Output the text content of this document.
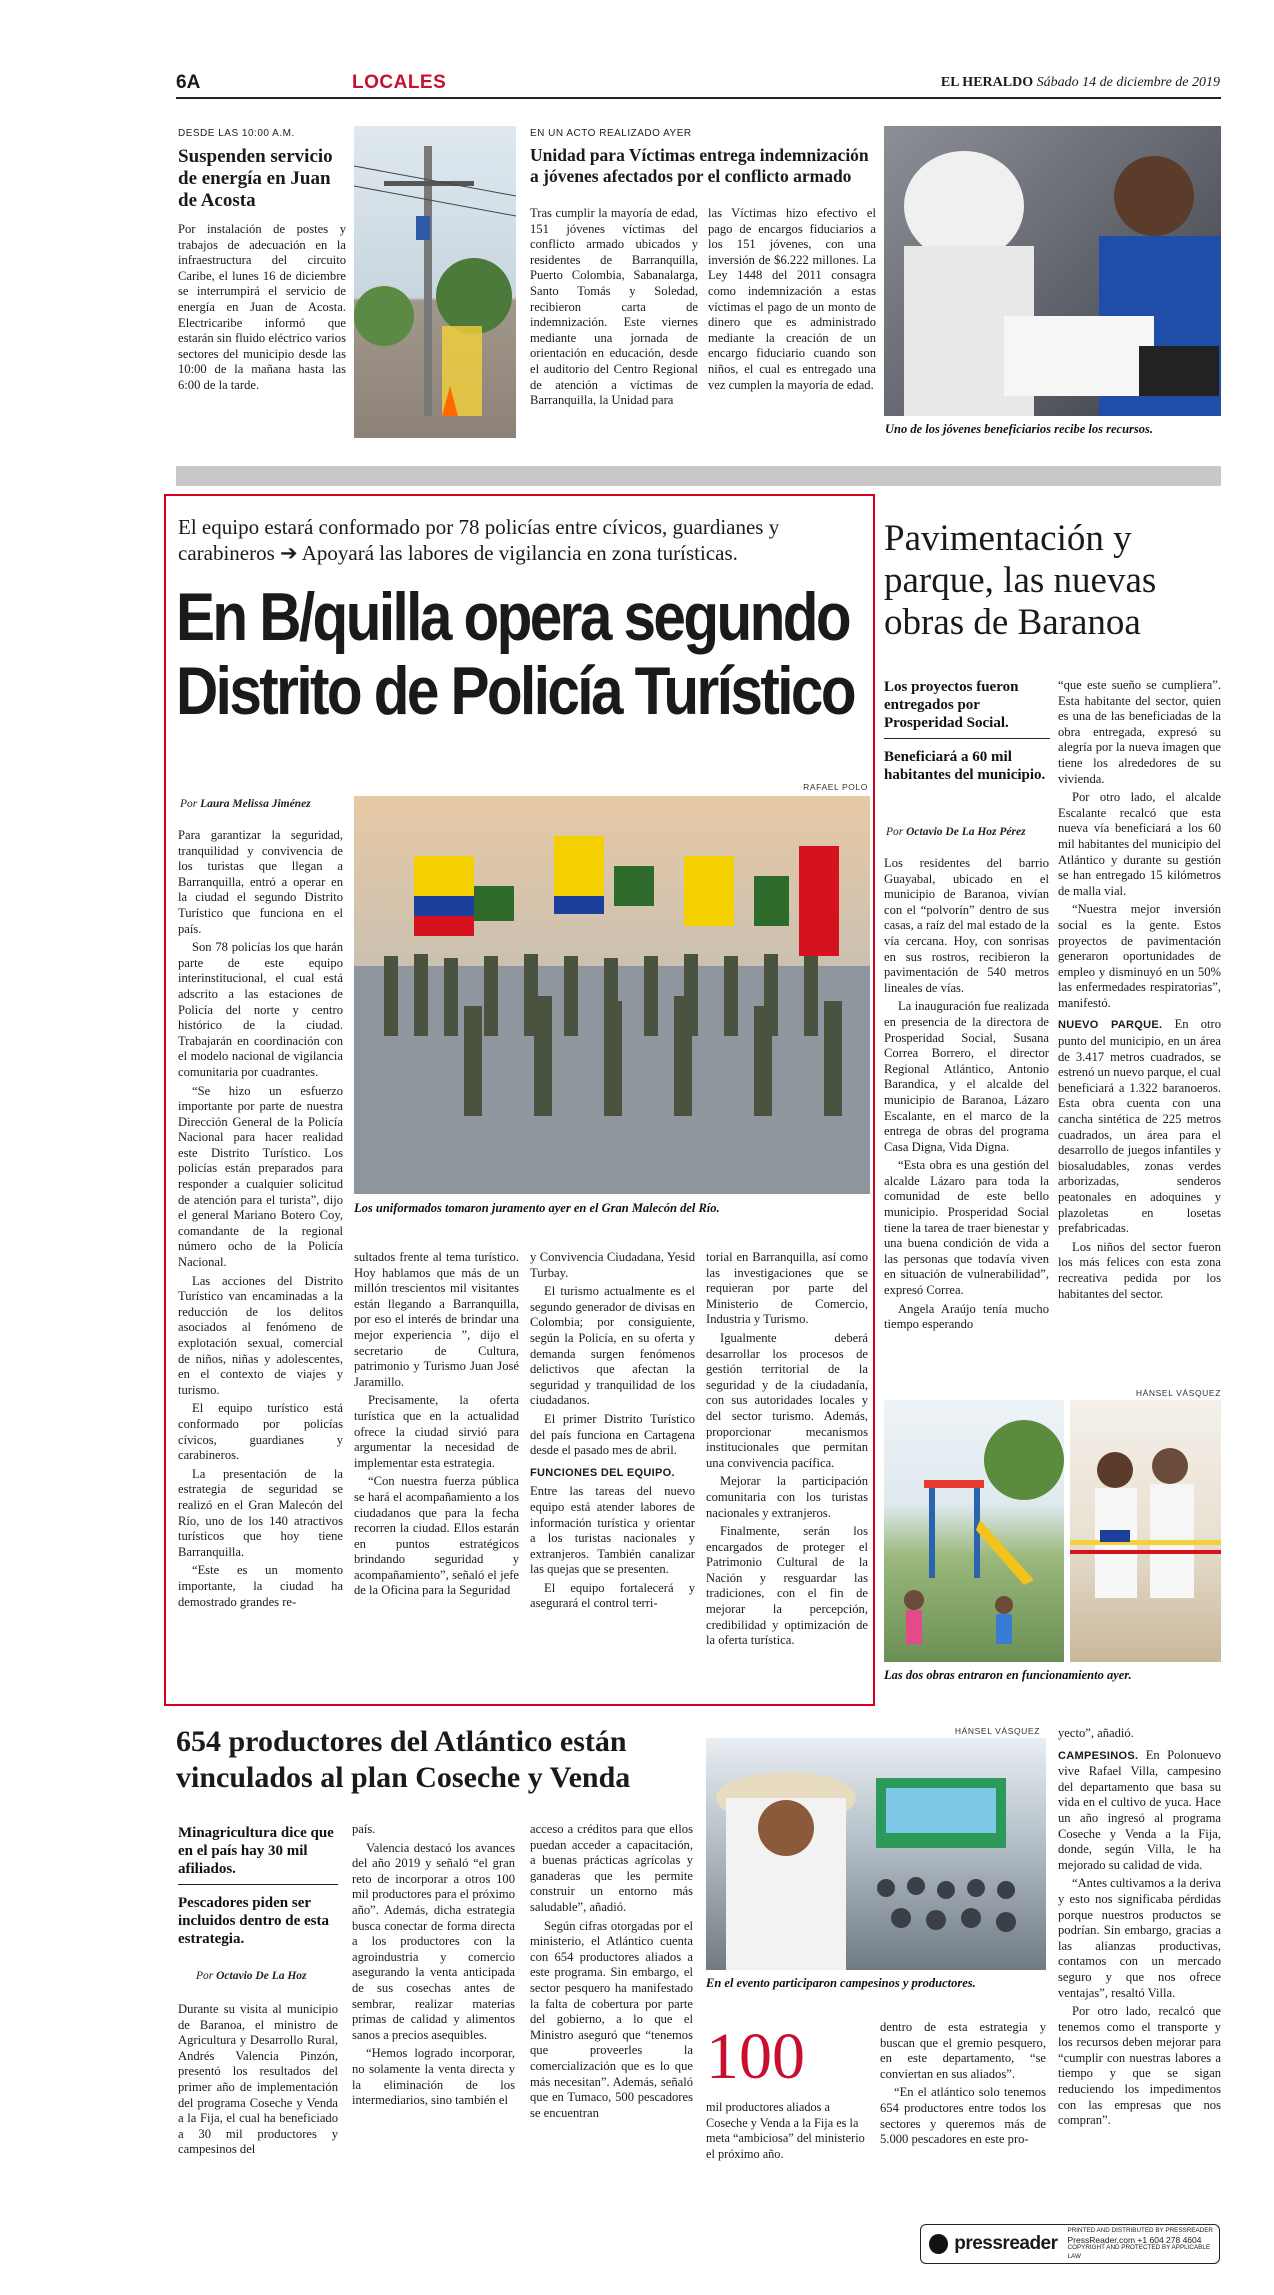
6A	LOCALES	EL HERALDO Sábado 14 de diciembre de 2019
DESDE LAS 10:00 A.M.
Suspenden servicio de energía en Juan de Acosta
Por instalación de postes y trabajos de adecuación en la infraestructura del circuito Caribe, el lunes 16 de diciembre se interrumpirá el servicio de energía en Juan de Acosta. Electricaribe informó que estarán sin fluido eléctrico varios sectores del municipio desde las 10:00 de la mañana hasta las 6:00 de la tarde.
EN UN ACTO REALIZADO AYER
Unidad para Víctimas entrega indemnización a jóvenes afectados por el conflicto armado
Tras cumplir la mayoría de edad, 151 jóvenes víctimas del conflicto armado ubicados y residentes de Barranquilla, Puerto Colombia, Sabanalarga, Santo Tomás y Soledad, recibieron carta de indemnización. Este viernes mediante una jornada de orientación en educación, desde el auditorio del Centro Regional de atención a víctimas de Barranquilla, la Unidad para
las Víctimas hizo efectivo el pago de encargos fiduciarios a los 151 jóvenes, con una inversión de $6.222 millones. La Ley 1448 del 2011 consagra como indemnización a estas víctimas el pago de un monto de dinero que es administrado mediante la creación de un encargo fiduciario cuando son niños, el cual es entregado una vez cumplen la mayoría de edad.
Uno de los jóvenes beneficiarios recibe los recursos.
El equipo estará conformado por 78 policías entre cívicos, guardianes y carabineros ➔ Apoyará las labores de vigilancia en zona turísticas.
En B/quilla opera segundo
Distrito de Policía Turístico
RAFAEL POLO
Por Laura Melissa Jiménez
Los uniformados tomaron juramento ayer en el Gran Malecón del Río.

Para garantizar la seguridad, tranquilidad y convivencia de los turistas que llegan a Barranquilla, entró a operar en la ciudad el segundo Distrito Turístico que funciona en el país.

Son 78 policías los que harán parte de este equipo interinstitucional, el cual está adscrito a las estaciones de Policía del norte y centro histórico de la ciudad. Trabajarán en coordinación con el modelo nacional de vigilancia comunitaria por cuadrantes.

“Se hizo un esfuerzo importante por parte de nuestra Dirección General de la Policía Nacional para hacer realidad este Distrito Turístico. Los policías están preparados para responder a cualquier solicitud de atención para el turista”, dijo el general Mariano Botero Coy, comandante de la regional número ocho de la Policía Nacional.

Las acciones del Distrito Turístico van encaminadas a la reducción de los delitos asociados al fenómeno de explotación sexual, comercial de niños, niñas y adolescentes, en el contexto de viajes y turismo.

El equipo turístico está conformado por policías cívicos, guardianes y carabineros.

La presentación de la estrategia de seguridad se realizó en el Gran Malecón del Río, uno de los 140 atractivos turísticos que hoy tiene Barranquilla.

“Este es un momento importante, la ciudad ha demostrado grandes re-

sultados frente al tema turístico. Hoy hablamos que más de un millón trescientos mil visitantes están llegando a Barranquilla, por eso el interés de brindar una mejor experiencia ”, dijo el secretario de Cultura, patrimonio y Turismo Juan José Jaramillo.

Precisamente, la oferta turística que en la actualidad ofrece la ciudad sirvió para argumentar la necesidad de implementar esta estrategia.

“Con nuestra fuerza pública se hará el acompañamiento a los ciudadanos que para la fecha recorren la ciudad. Ellos estarán en puntos estratégicos brindando seguridad y acompañamiento”, señaló el jefe de la Oficina para la Seguridad

y Convivencia Ciudadana, Yesid Turbay.

El turismo actualmente es el segundo generador de divisas en Colombia; por consiguiente, según la Policía, en su oferta y demanda surgen fenómenos delictivos que afectan la seguridad y tranquilidad de los ciudadanos.

El primer Distrito Turístico del país funciona en Cartagena desde el pasado mes de abril.

FUNCIONES DEL EQUIPO.

Entre las tareas del nuevo equipo está atender labores de información turística y orientar a los turistas nacionales y extranjeros. También canalizar las quejas que se presenten.

El equipo fortalecerá y asegurará el control terri-

torial en Barranquilla, así como las investigaciones que se requieran por parte del Ministerio de Comercio, Industria y Turismo.

Igualmente deberá desarrollar los procesos de gestión territorial de la seguridad y de la ciudadanía, con sus autoridades locales y del sector turismo. Además, proporcionar mecanismos institucionales que permitan una convivencia pacífica.

Mejorar la participación comunitaria con los turistas nacionales y extranjeros.

Finalmente, serán los encargados de proteger el Patrimonio Cultural de la Nación y resguardar las tradiciones, con el fin de mejorar la percepción, credibilidad y optimización de la oferta turística.

Pavimentación y parque, las nuevas obras de Baranoa
Los proyectos fueron entregados por Prosperidad Social.
Beneficiará a 60 mil habitantes del municipio.
Por Octavio De La Hoz Pérez

Los residentes del barrio Guayabal, ubicado en el municipio de Baranoa, vivían con el “polvorín” dentro de sus casas, a raíz del mal estado de la vía cercana. Hoy, con sonrisas en sus rostros, recibieron la pavimentación de 540 metros lineales de vías.

La inauguración fue realizada en presencia de la directora de Prosperidad Social, Susana Correa Borrero, el director Regional Atlántico, Antonio Barandica, y el alcalde del municipio de Baranoa, Lázaro Escalante, en el marco de la entrega de obras del programa Casa Digna, Vida Digna.

“Esta obra es una gestión del alcalde Lázaro para toda la comunidad de este bello municipio. Prosperidad Social tiene la tarea de traer bienestar y una buena condición de vida a las personas que todavía viven en situación de vulnerabilidad”, expresó Correa.

Angela Araújo tenía mucho tiempo esperando

“que este sueño se cumpliera”. Esta habitante del sector, quien es una de las beneficiadas de la obra entregada, expresó su alegría por la nueva imagen que tiene los alrededores de su vivienda.

Por otro lado, el alcalde Escalante recalcó que esta nueva vía beneficiará a los 60 mil habitantes del municipio del Atlántico y durante su gestión se han entregado 15 kilómetros de malla vial.

“Nuestra mejor inversión social es la gente. Estos proyectos de pavimentación generaron oportunidades de empleo y disminuyó en un 50% las enfermedades respiratorias”, manifestó.

NUEVO PARQUE. En otro punto del municipio, en un área de 3.417 metros cuadrados, se estrenó un nuevo parque, el cual beneficiará a 1.322 baranoeros. Esta obra cuenta con una cancha sintética de 225 metros cuadrados, un área para el desarrollo de juegos infantiles y biosaludables, zonas verdes arborizadas, senderos peatonales en adoquines y plazoletas en losetas prefabricadas.

Los niños del sector fueron los más felices con esta zona recreativa pedida por los habitantes del sector.

HÁNSEL VÁSQUEZ
Las dos obras entraron en funcionamiento ayer.
654 productores del Atlántico están vinculados al plan Coseche y Venda
Minagricultura dice que en el país hay 30 mil afiliados.
Pescadores piden ser incluidos dentro de esta estrategia.
Por Octavio De La Hoz

Durante su visita al municipio de Baranoa, el ministro de Agricultura y Desarrollo Rural, Andrés Valencia Pinzón, presentó los resultados del primer año de implementación del programa Coseche y Venda a la Fija, el cual ha beneficiado a 30 mil productores y campesinos del

país.

Valencia destacó los avances del año 2019 y señaló “el gran reto de incorporar a otros 100 mil productores para el próximo año”. Además, dicha estrategia busca conectar de forma directa a los productores con la agroindustria y comercio asegurando la venta anticipada de sus cosechas antes de sembrar, realizar materias primas de calidad y alimentos sanos a precios asequibles.

“Hemos logrado incorporar, no solamente la venta directa y la eliminación de los intermediarios, sino también el

acceso a créditos para que ellos puedan acceder a capacitación, a buenas prácticas agrícolas y ganaderas que les permite construir un entorno más saludable”, añadió.

Según cifras otorgadas por el ministerio, el Atlántico cuenta con 654 productores aliados a este programa. Sin embargo, el sector pesquero ha manifestado la falta de cobertura por parte del gobierno, a lo que el Ministro aseguró que “tenemos que proveerles la comercialización que es lo que más necesitan”. Además, señaló que en Tumaco, 500 pescadores se encuentran

HÁNSEL VÁSQUEZ
En el evento participaron campesinos y productores.
100
mil productores aliados a Coseche y Venda a la Fija es la meta “ambiciosa” del ministerio el próximo año.

dentro de esta estrategia y buscan que el gremio pesquero, en este departamento, “se conviertan en sus aliados”.

“En el atlántico solo tenemos 654 productores entre todos los sectores y queremos más de 5.000 pescadores en este pro-

yecto”, añadió.

CAMPESINOS. En Polonuevo vive Rafael Villa, campesino del departamento que basa su vida en el cultivo de yuca. Hace un año ingresó al programa Coseche y Venda a la Fija, donde, según Villa, le ha mejorado su calidad de vida.

“Antes cultivamos a la deriva y esto nos significaba pérdidas porque nuestros productos se podrían. Sin embargo, gracias a las alianzas productivas, contamos con un mercado seguro y que nos ofrece ventajas”, resaltó Villa.

Por otro lado, recalcó que tenemos como el transporte y los recursos deben mejorar para “cumplir con nuestras labores a tiempo y que se sigan reduciendo los impedimentos con las empresas que nos compran”.

pressreader
PRINTED AND DISTRIBUTED BY PRESSREADER
PressReader.com +1 604 278 4604
COPYRIGHT AND PROTECTED BY APPLICABLE LAW
